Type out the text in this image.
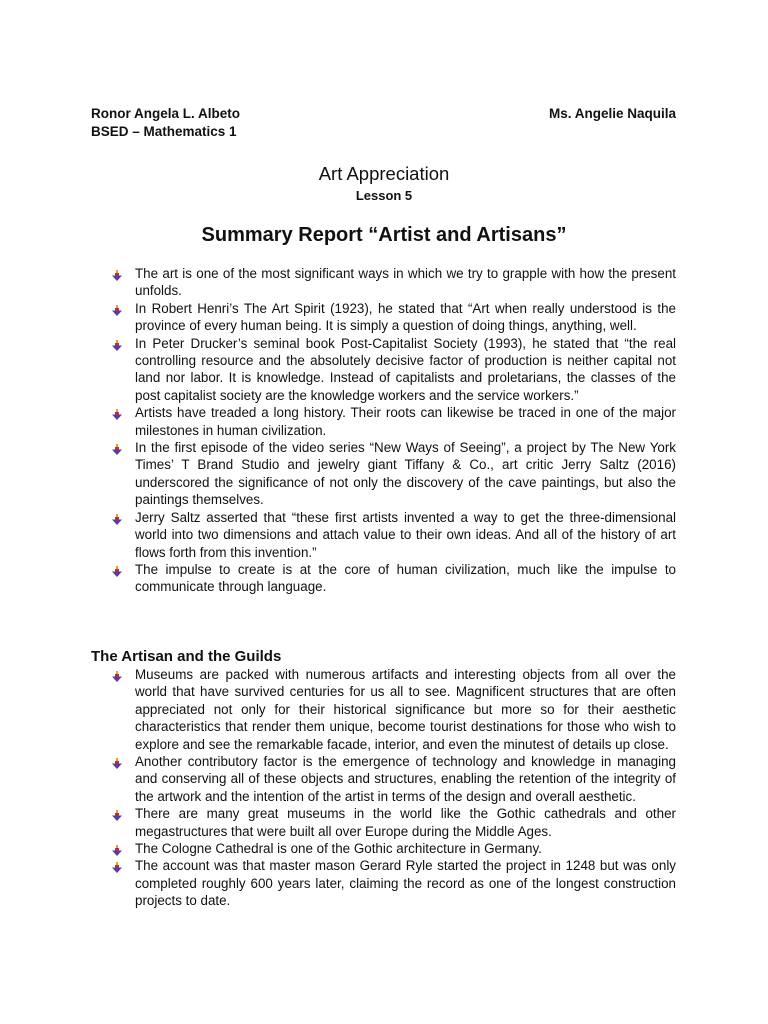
Ronor Angela L. Albeto
BSED – Mathematics 1
Ms. Angelie Naquila
Art Appreciation
Lesson 5
Summary Report “Artist and Artisans”
The art is one of the most significant ways in which we try to grapple with how the present unfolds.
In Robert Henri’s The Art Spirit (1923), he stated that “Art when really understood is the province of every human being. It is simply a question of doing things, anything, well.
In Peter Drucker’s seminal book Post-Capitalist Society (1993), he stated that “the real controlling resource and the absolutely decisive factor of production is neither capital not land nor labor. It is knowledge. Instead of capitalists and proletarians, the classes of the post capitalist society are the knowledge workers and the service workers.”
Artists have treaded a long history. Their roots can likewise be traced in one of the major milestones in human civilization.
In the first episode of the video series “New Ways of Seeing”, a project by The New York Times’ T Brand Studio and jewelry giant Tiffany & Co., art critic Jerry Saltz (2016) underscored the significance of not only the discovery of the cave paintings, but also the paintings themselves.
Jerry Saltz asserted that “these first artists invented a way to get the three-dimensional world into two dimensions and attach value to their own ideas. And all of the history of art flows forth from this invention.”
The impulse to create is at the core of human civilization, much like the impulse to communicate through language.
The Artisan and the Guilds
Museums are packed with numerous artifacts and interesting objects from all over the world that have survived centuries for us all to see. Magnificent structures that are often appreciated not only for their historical significance but more so for their aesthetic characteristics that render them unique, become tourist destinations for those who wish to explore and see the remarkable facade, interior, and even the minutest of details up close.
Another contributory factor is the emergence of technology and knowledge in managing and conserving all of these objects and structures, enabling the retention of the integrity of the artwork and the intention of the artist in terms of the design and overall aesthetic.
There are many great museums in the world like the Gothic cathedrals and other megastructures that were built all over Europe during the Middle Ages.
The Cologne Cathedral is one of the Gothic architecture in Germany.
The account was that master mason Gerard Ryle started the project in 1248 but was only completed roughly 600 years later, claiming the record as one of the longest construction projects to date.
